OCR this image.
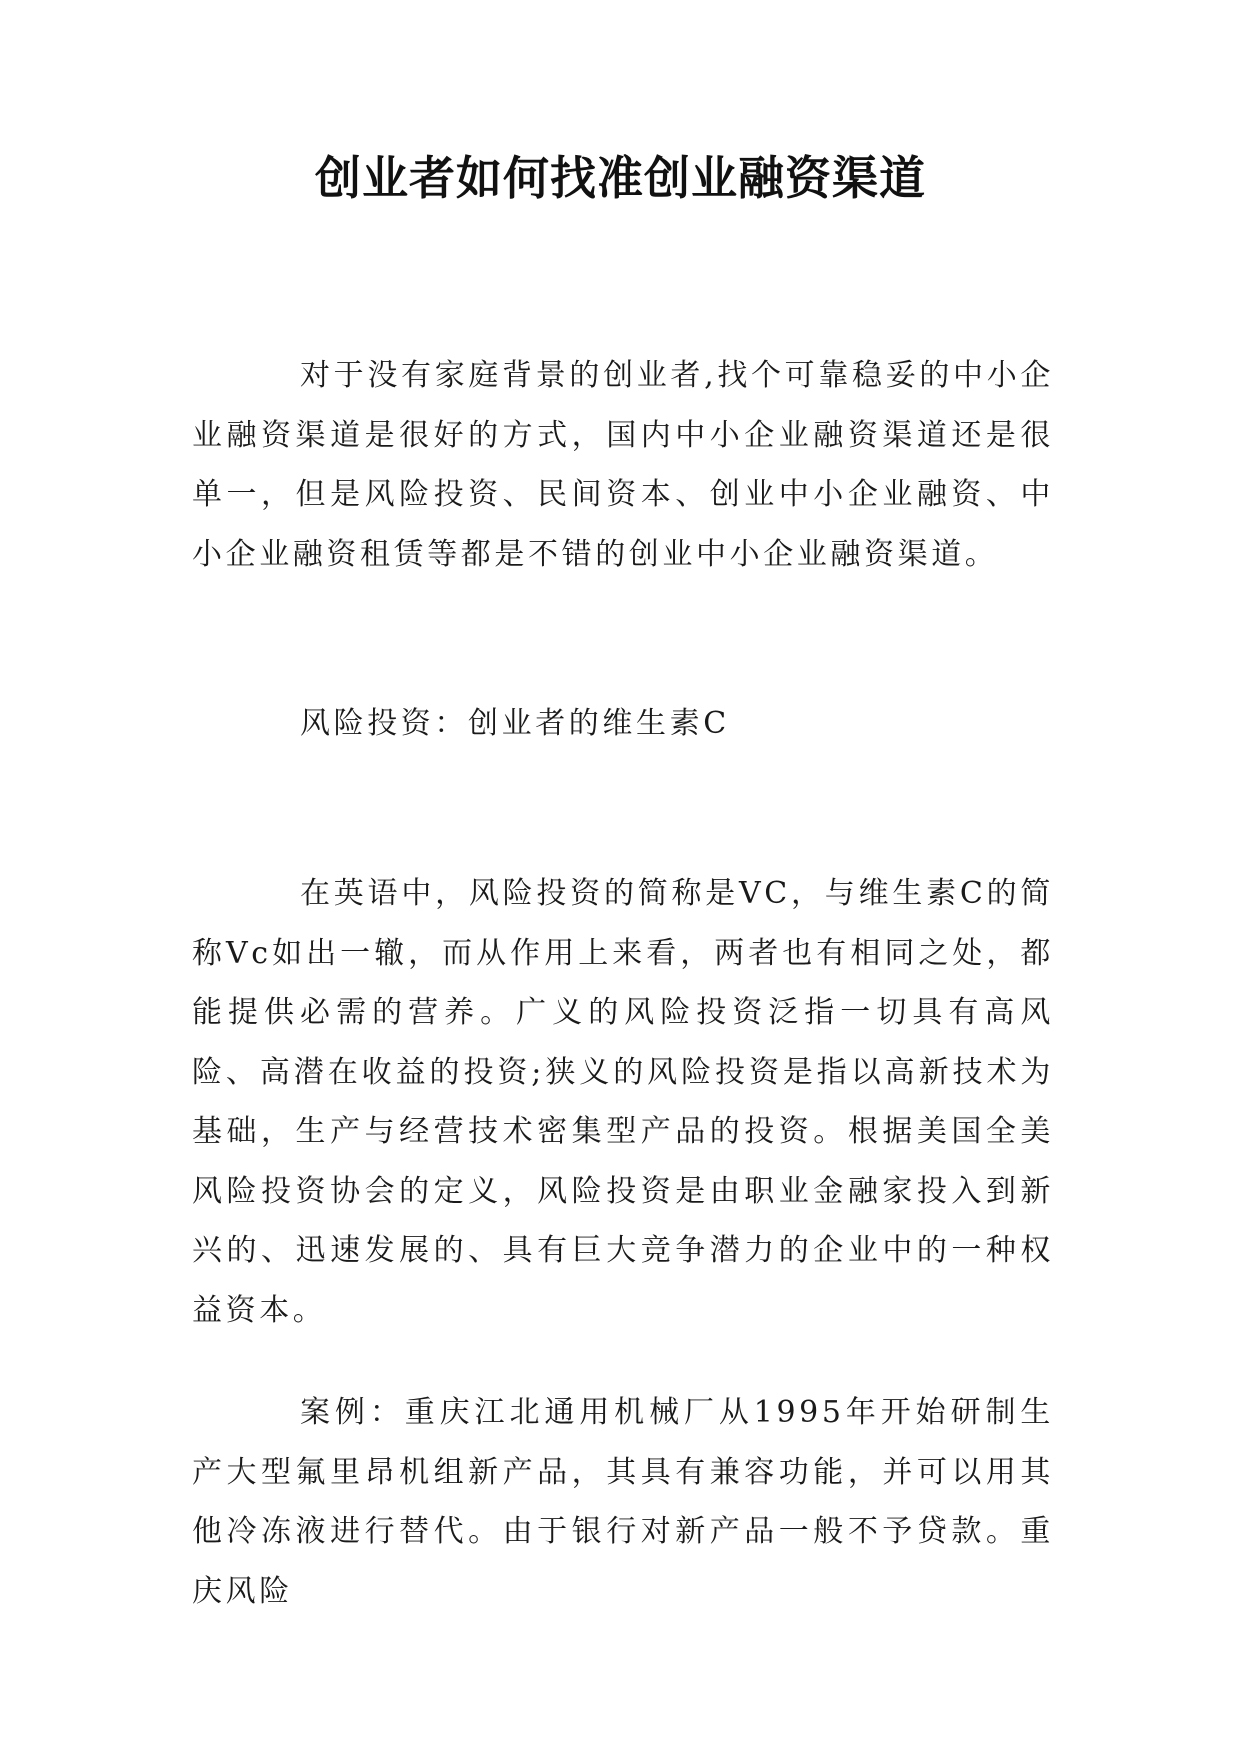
创业者如何找准创业融资渠道

对于没有家庭背景的创业者,找个可靠稳妥的中小企业融资渠道是很好的方式，国内中小企业融资渠道还是很单一，但是风险投资、民间资本、创业中小企业融资、中小企业融资租赁等都是不错的创业中小企业融资渠道。

风险投资：创业者的维生素C

在英语中，风险投资的简称是VC，与维生素C的简称Vc如出一辙，而从作用上来看，两者也有相同之处，都能提供必需的营养。广义的风险投资泛指一切具有高风险、高潜在收益的投资;狭义的风险投资是指以高新技术为基础，生产与经营技术密集型产品的投资。根据美国全美风险投资协会的定义，风险投资是由职业金融家投入到新兴的、迅速发展的、具有巨大竞争潜力的企业中的一种权益资本。

案例：重庆江北通用机械厂从1995年开始研制生产大型氟里昂机组新产品，其具有兼容功能，并可以用其他冷冻液进行替代。由于银行对新产品一般不予贷款。重庆风险
